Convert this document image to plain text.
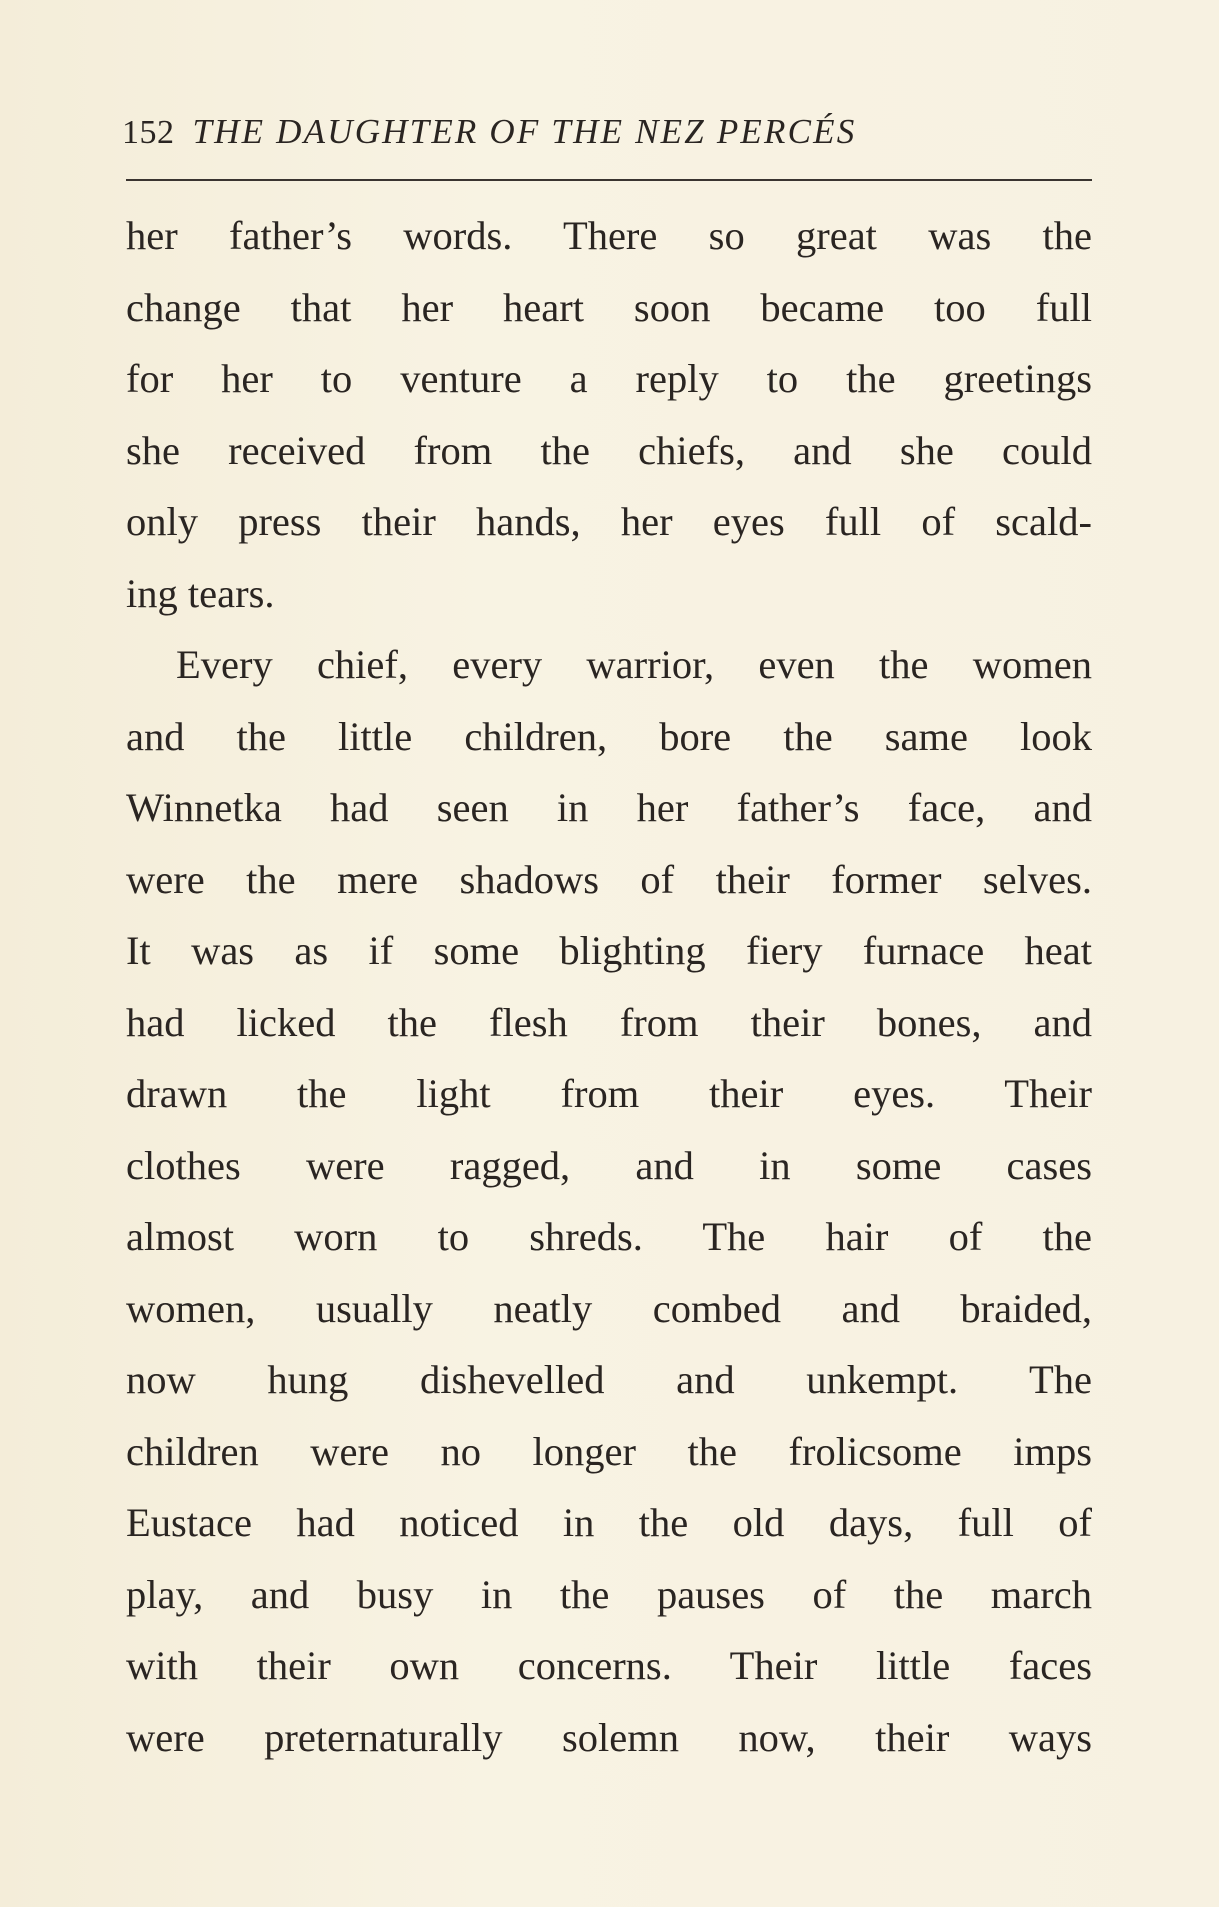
152 THE DAUGHTER OF THE NEZ PERCÉS
her father’s words. There so great was the
change that her heart soon became too full
for her to venture a reply to the greetings
she received from the chiefs, and she could
only press their hands, her eyes full of scald-
ing tears.
Every chief, every warrior, even the women
and the little children, bore the same look
Winnetka had seen in her father’s face, and
were the mere shadows of their former selves.
It was as if some blighting fiery furnace heat
had licked the flesh from their bones, and
drawn the light from their eyes. Their
clothes were ragged, and in some cases
almost worn to shreds. The hair of the
women, usually neatly combed and braided,
now hung dishevelled and unkempt. The
children were no longer the frolicsome imps
Eustace had noticed in the old days, full of
play, and busy in the pauses of the march
with their own concerns. Their little faces
were preternaturally solemn now, their ways
